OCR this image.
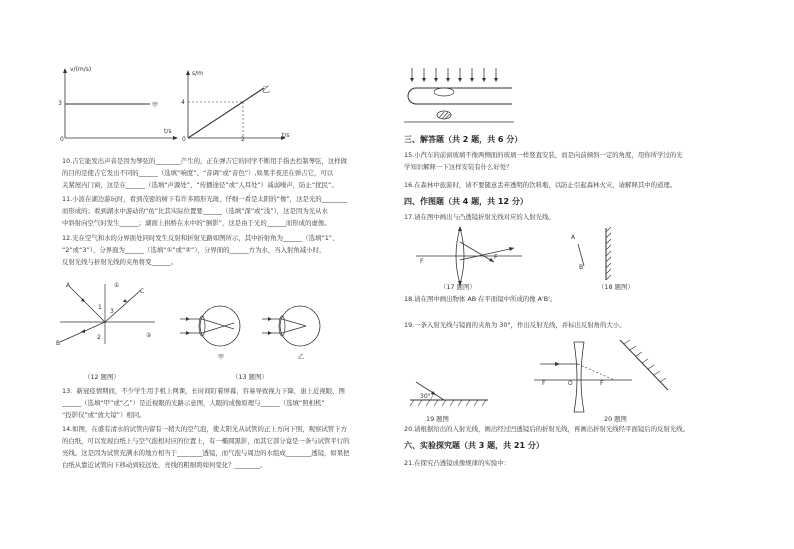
v/(m/s)
3	甲
0
t/s
s/m
4
乙
0	2
t/s
10.吉它能发出声音是因为琴弦的________产生的，正在弹吉它的同学不断用手指去控制琴弦，这样做
的目的是使吉它发出不同的______（选填“响度”、“音调”或“音色”）,如果半夜还在弹吉它，可以
关紧屋内门窗，这是在______（选填“声源处”、“传播途径”或“人耳处”）减弱噪声，防止“扰民”。
11.小波在湖边游玩时，看到茂密的树下有许多圆形光斑，仔细一看是太阳的“像”，这是光的________
而形成的；看到湖水中游动的“鱼”比其实际位置要______（选填“深”或“浅”），这是因为光从水
中斜射向空气时发生______；湖面上拱桥在水中的“倒影”，这是由于光的______而形成的虚像。
12.光在空气和水的分界面处同时发生反射和折射光路如图所示，其中折射角为______（选填“1”、
“2”或“3”），分界面为______（选填“①”或“②”），分界面的______方为水，当入射角减小时，
反射光线与折射光线的夹角将变______。
A
B
C
1
2
3
①
②
甲	乙
（12 题图）	（13 题图）
13．新冠疫情期间，不少学生用手机上网课，长时间盯着屏幕，容易导致视力下降，患上近视眼，图
______（选填“甲”或“乙”）是近视眼的光路示意图，人眼的成像原理与______（选填“照相机”
“投影仪”或“放大镜”）相同。
14.如图，在盛有清水的试管内留有一稍大的空气泡，使太阳光从试管的正上方向下照，观察试管下方
的白纸，可以发现白纸上与空气泡相对应的位置上，有一椭圆黑影，而其它部分竟是一条与试管平行的
亮线。这是因为试管充满水的地方相当于________透镜，而气泡与周边的水组成________透镜，如果把
白纸从靠近试管向下移动到较远处，亮线的粗细将如何变化？________。
三、解答题（共 2 题，共 6 分）
15.小汽车的前窗玻璃不像两侧面的玻璃一样竖直安装，而是向前倾斜一定的角度，用你所学过的光
学知识解释一下这样安装有什么好处？
16.在森林中旅游时，请不要随意丢弃透明的饮料瓶，以防止引起森林火灾，请解释其中的道理。
四、作图题（共 4 题，共 12 分）
17.请在图中画出与凸透镜折射光线对应的入射光线。
F
F
A
B
（17 题图）	（18 题图）
18.请在图中画出物体 AB 在平面镜中所成的像 A'B'。
19.一条入射光线与镜面的夹角为 30°，作出反射光线，并标出反射角的大小。
30°
F	O	F
19 题图	20 题图
20.请根据给出的入射光线，画出经过凹透镜后的折射光线，再画出折射光线经平面镜后的反射光线。
六、实验探究题（共 3 题，共 21 分）
21.在探究凸透镜成像规律的实验中：
